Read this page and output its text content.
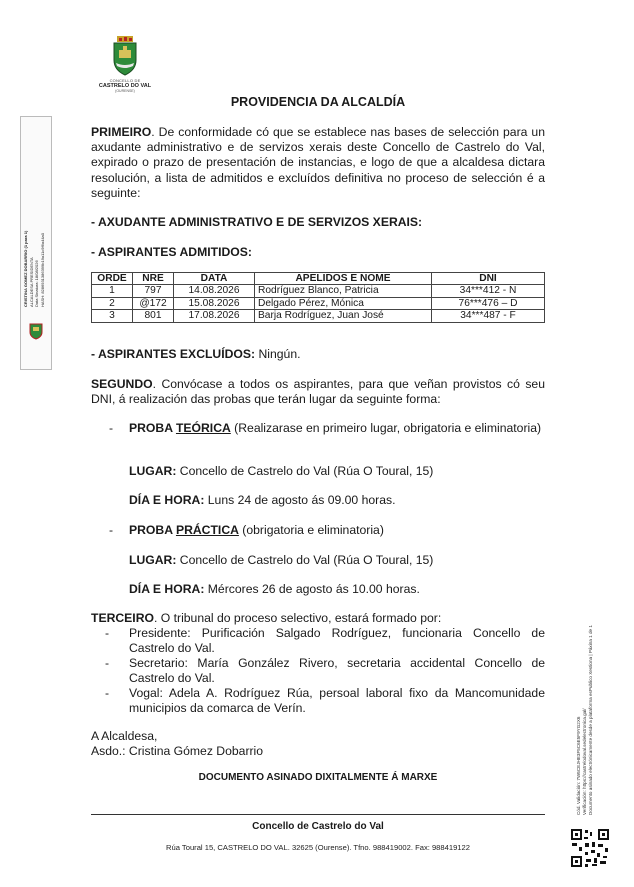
CONCELLO DE
CASTRELO DO VAL
(OURENSE)
CRISTINA GOMEZ DOBARRIO (1 para 1) ALCALDESA PRESIDENTA
Data Sinatura: 18/08/2026
HASH: 8286931386399b19a11c9f6a44a0
PROVIDENCIA DA ALCALDÍA
PRIMEIRO. De conformidade có que se establece nas bases de selección para un axudante administrativo e de servizos xerais deste Concello de Castrelo do Val, expirado o prazo de presentación de instancias, e logo de que a alcaldesa dictara resolución, a lista de admitidos e excluídos definitiva no proceso de selección é a seguinte:
- AXUDANTE ADMINISTRATIVO E DE SERVIZOS XERAIS:
- ASPIRANTES ADMITIDOS:
ORDE	NRE	DATA	APELIDOS E NOME	DNI
1	797	14.08.2026	Rodríguez Blanco, Patricia	34***412 - N
2	@172	15.08.2026	Delgado Pérez, Mónica	76***476 – D
3	801	17.08.2026	Barja Rodríguez, Juan José	34***487 - F
- ASPIRANTES EXCLUÍDOS: Ningún.
SEGUNDO. Convócase a todos os aspirantes, para que veñan provistos có seu DNI, á realización das probas que terán lugar da seguinte forma:
- PROBA TEÓRICA (Realizarase en primeiro lugar, obrigatoria e eliminatoria)
LUGAR: Concello de Castrelo do Val (Rúa O Toural, 15)
DÍA E HORA: Luns 24 de agosto ás 09.00 horas.
- PROBA PRÁCTICA (obrigatoria e eliminatoria)
LUGAR: Concello de Castrelo do Val (Rúa O Toural, 15)
DÍA E HORA: Mércores 26 de agosto ás 10.00 horas.
TERCEIRO. O tribunal do proceso selectivo, estará formado por:
- Presidente: Purificación Salgado Rodríguez, funcionaria Concello de Castrelo do Val.
- Secretario: María González Rivero, secretaria accidental Concello de Castrelo do Val.
- Vogal: Adela A. Rodríguez Rúa, persoal laboral fixo da Mancomunidade municipios da comarca de Verín.
A Alcaldesa,
Asdo.: Cristina Gómez Dobarrio
DOCUMENTO ASINADO DIXITALMENTE Á MARXE
Concello de Castrelo do Val
Rúa Toural 15, CASTRELO DO VAL. 32625 (Ourense). Tfno. 988419002. Fax: 988419122
Cód. Validación: 7W6CEJHE3F5C6E5F9YG2X6 Verificación: https://castrelodoval.sedelectronica.gal/ Documento asinado electrónicamente desde a plataforma esPublico Xestiona | Páxina 1 de 1
